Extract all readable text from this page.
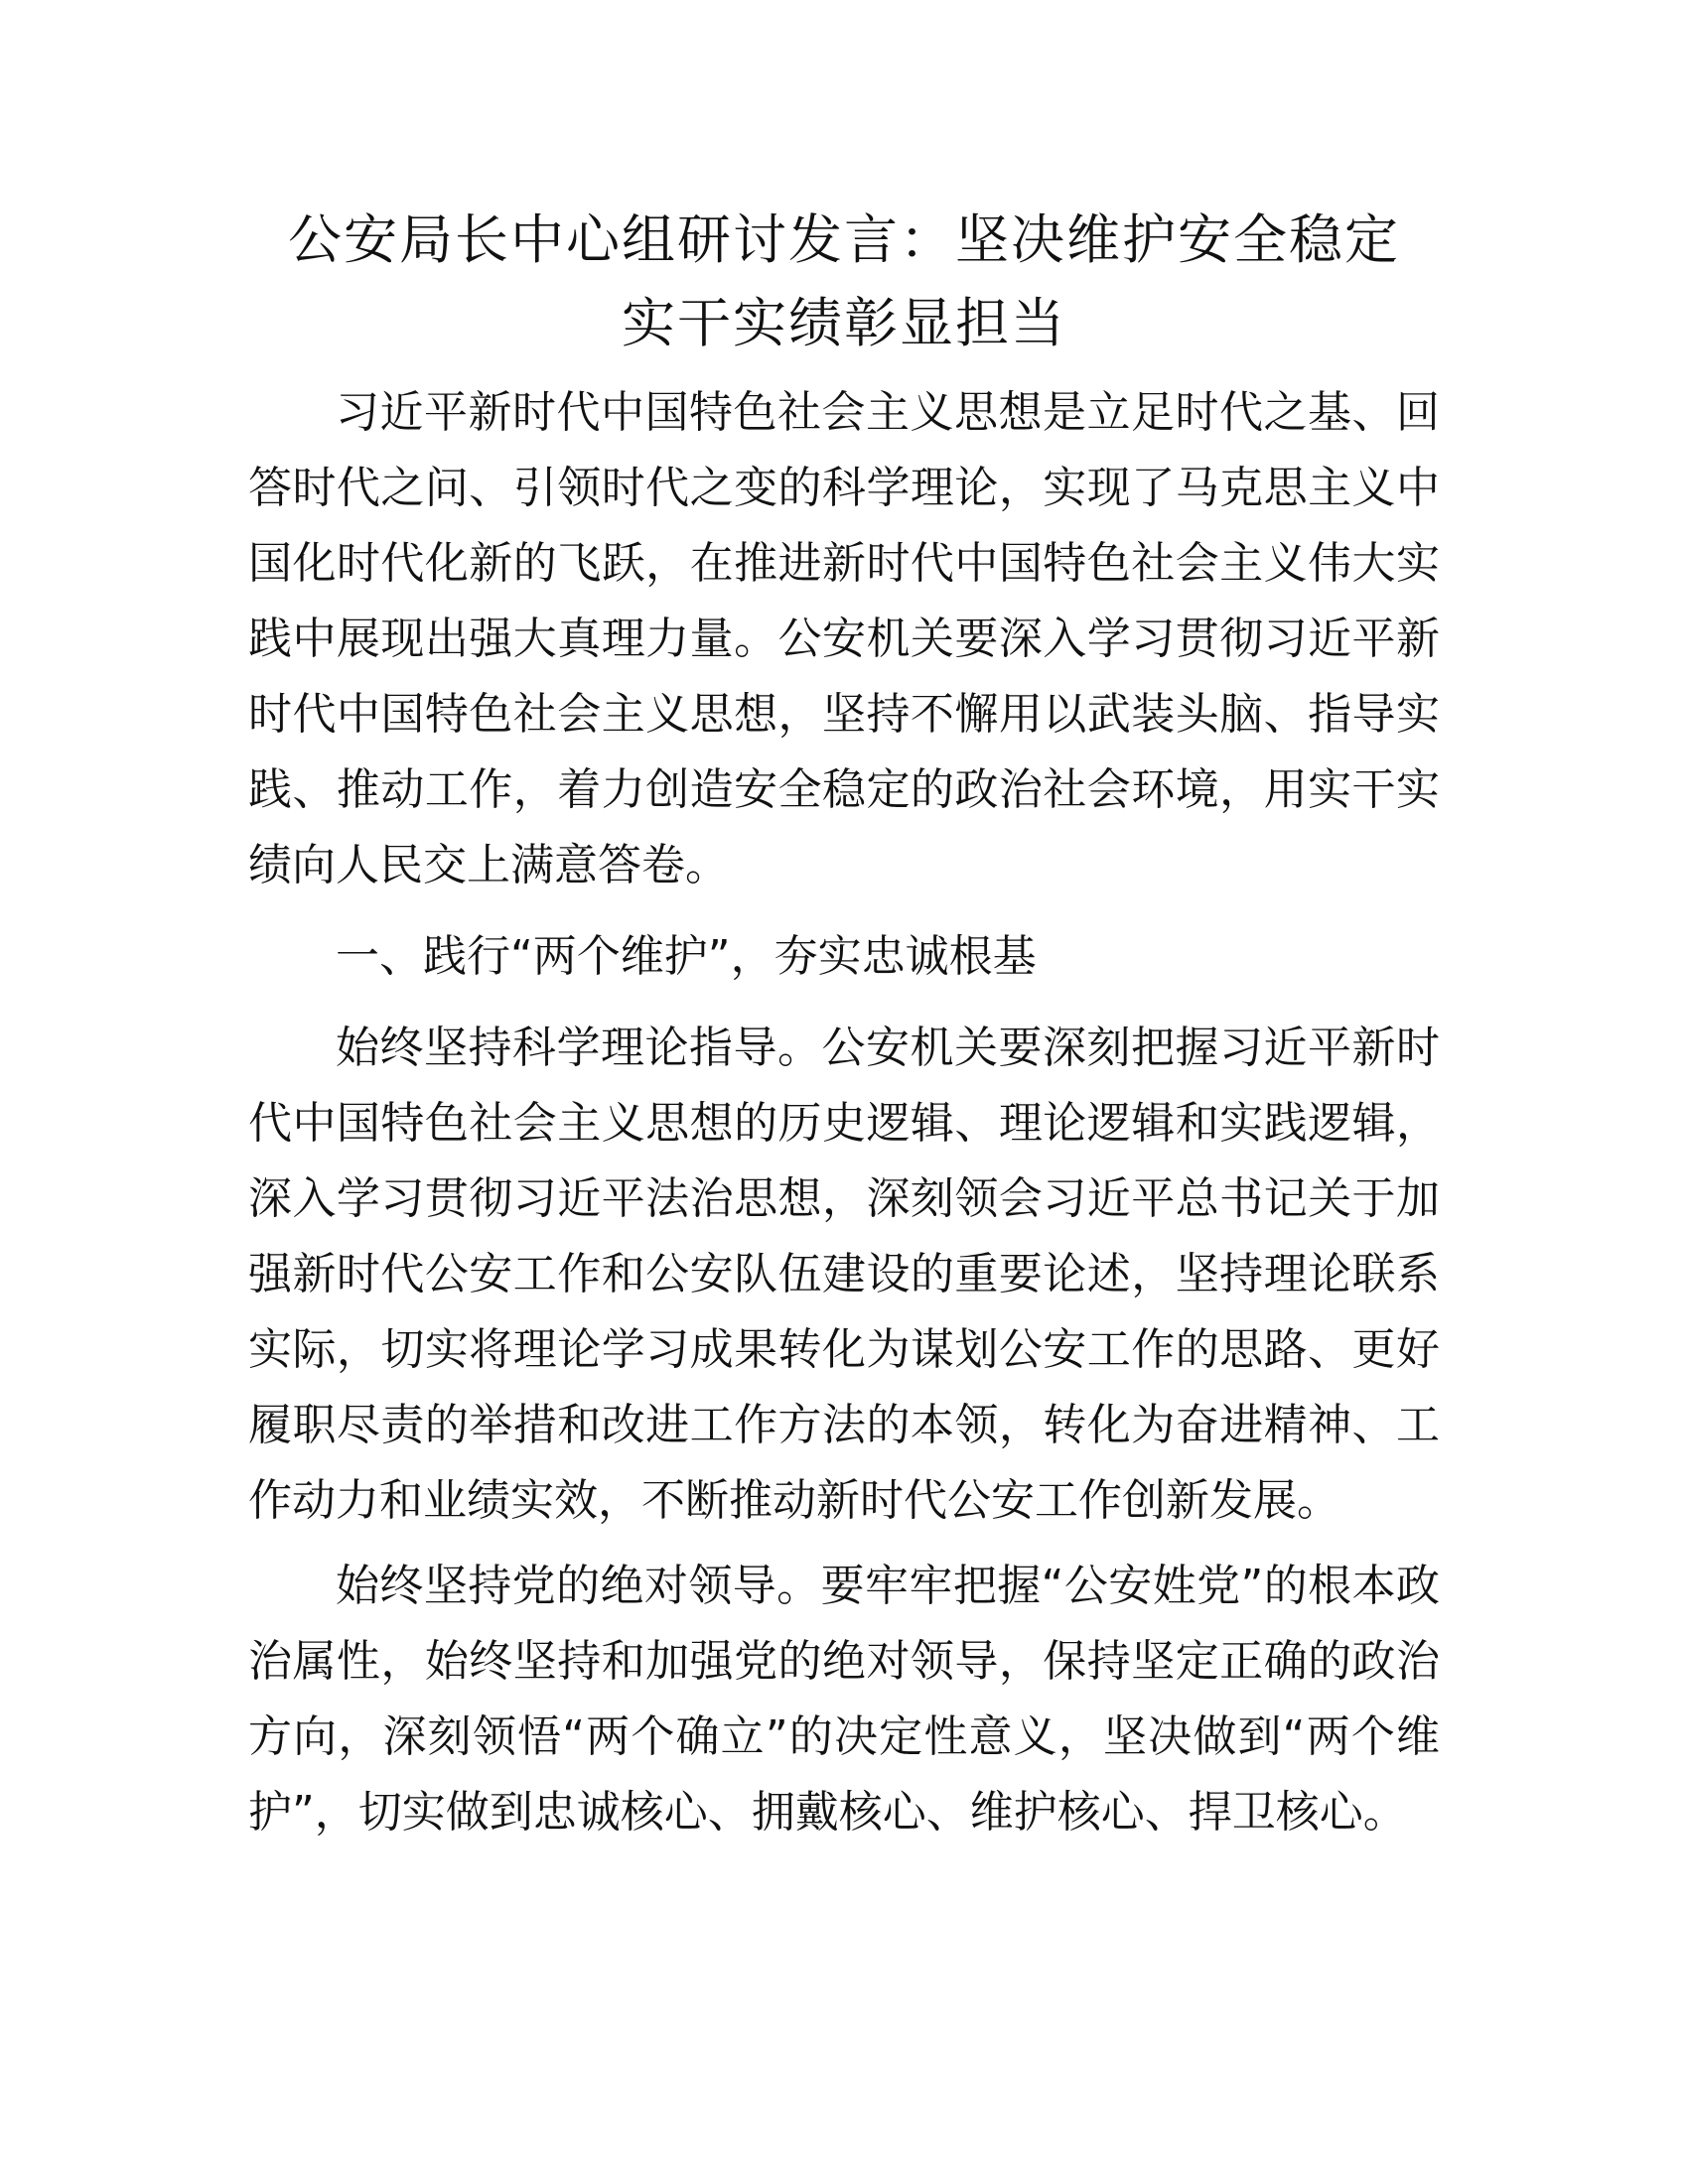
公安局长中心组研讨发言：坚决维护安全稳定
实干实绩彰显担当

习近平新时代中国特色社会主义思想是立足时代之基、回答时代之问、引领时代之变的科学理论，实现了马克思主义中国化时代化新的飞跃，在推进新时代中国特色社会主义伟大实践中展现出强大真理力量。公安机关要深入学习贯彻习近平新时代中国特色社会主义思想，坚持不懈用以武装头脑、指导实践、推动工作，着力创造安全稳定的政治社会环境，用实干实绩向人民交上满意答卷。

一、践行“两个维护”，夯实忠诚根基

始终坚持科学理论指导。公安机关要深刻把握习近平新时代中国特色社会主义思想的历史逻辑、理论逻辑和实践逻辑，深入学习贯彻习近平法治思想，深刻领会习近平总书记关于加强新时代公安工作和公安队伍建设的重要论述，坚持理论联系实际，切实将理论学习成果转化为谋划公安工作的思路、更好履职尽责的举措和改进工作方法的本领，转化为奋进精神、工作动力和业绩实效，不断推动新时代公安工作创新发展。

始终坚持党的绝对领导。要牢牢把握“公安姓党”的根本政治属性，始终坚持和加强党的绝对领导，保持坚定正确的政治方向，深刻领悟“两个确立”的决定性意义，坚决做到“两个维护”，切实做到忠诚核心、拥戴核心、维护核心、捍卫核心。
